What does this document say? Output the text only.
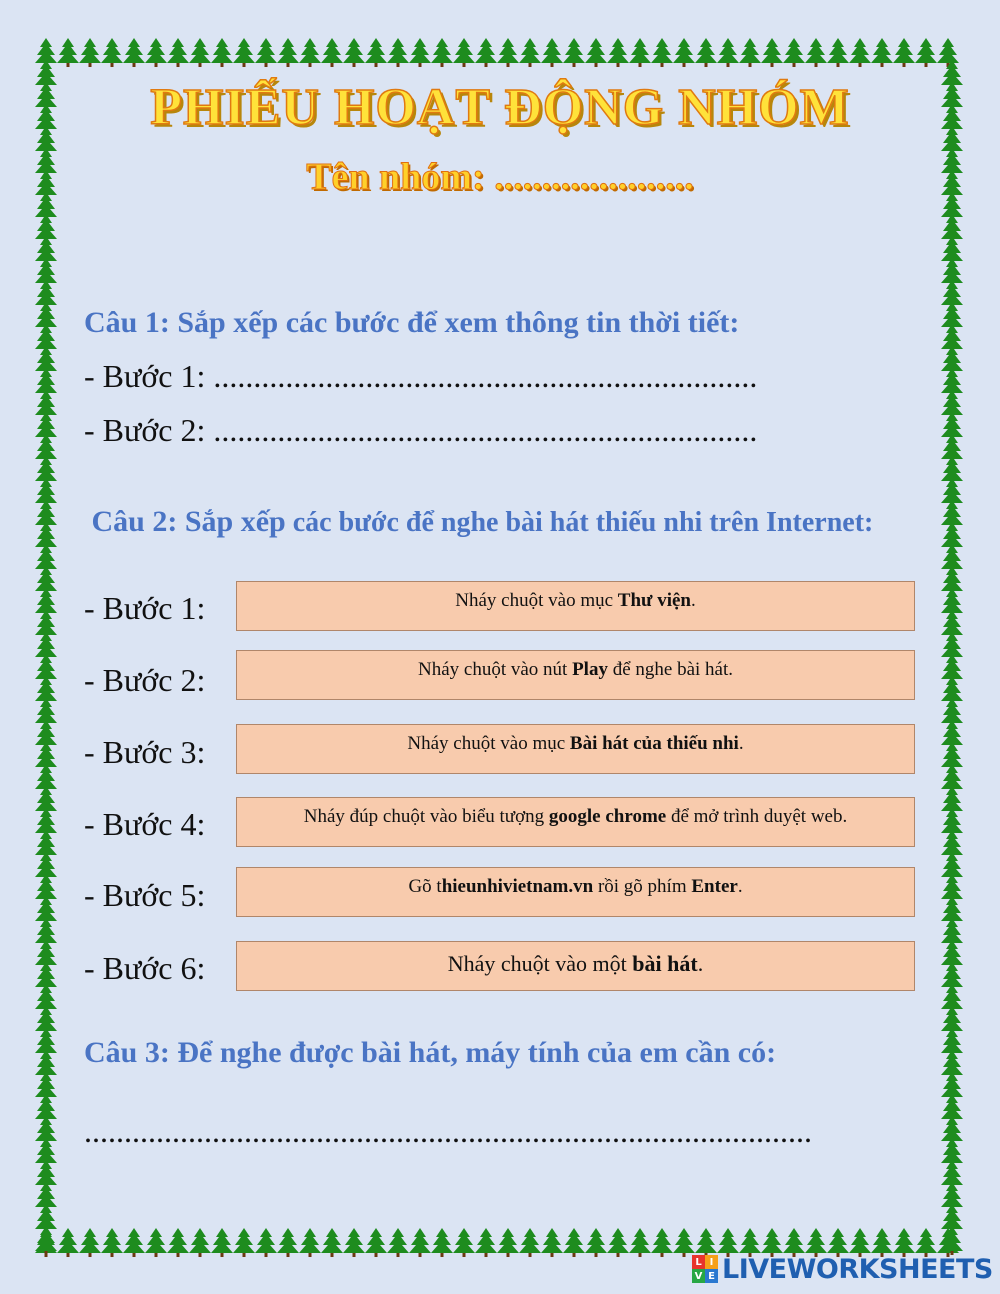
PHIẾU HOẠT ĐỘNG NHÓM
Tên nhóm: .....................
Câu 1: Sắp xếp các bước để xem thông tin thời tiết:
- Bước 1: ....................................................................
- Bước 2: ....................................................................
Câu 2: Sắp xếp các bước để nghe bài hát thiếu nhi trên Internet:
- Bước 1:	Nháy chuột vào mục Thư viện.
- Bước 2:	Nháy chuột vào nút Play để nghe bài hát.
- Bước 3:	Nháy chuột vào mục Bài hát của thiếu nhi.
- Bước 4:	Nháy đúp chuột vào biểu tượng google chrome để mở trình duyệt web.
- Bước 5:	Gõ thieunhivietnam.vn rồi gõ phím Enter.
- Bước 6:	Nháy chuột vào một bài hát.
Câu 3: Để nghe được bài hát, máy tính của em cần có:
...........................................................................................
L I
V E LIVEWORKSHEETS
